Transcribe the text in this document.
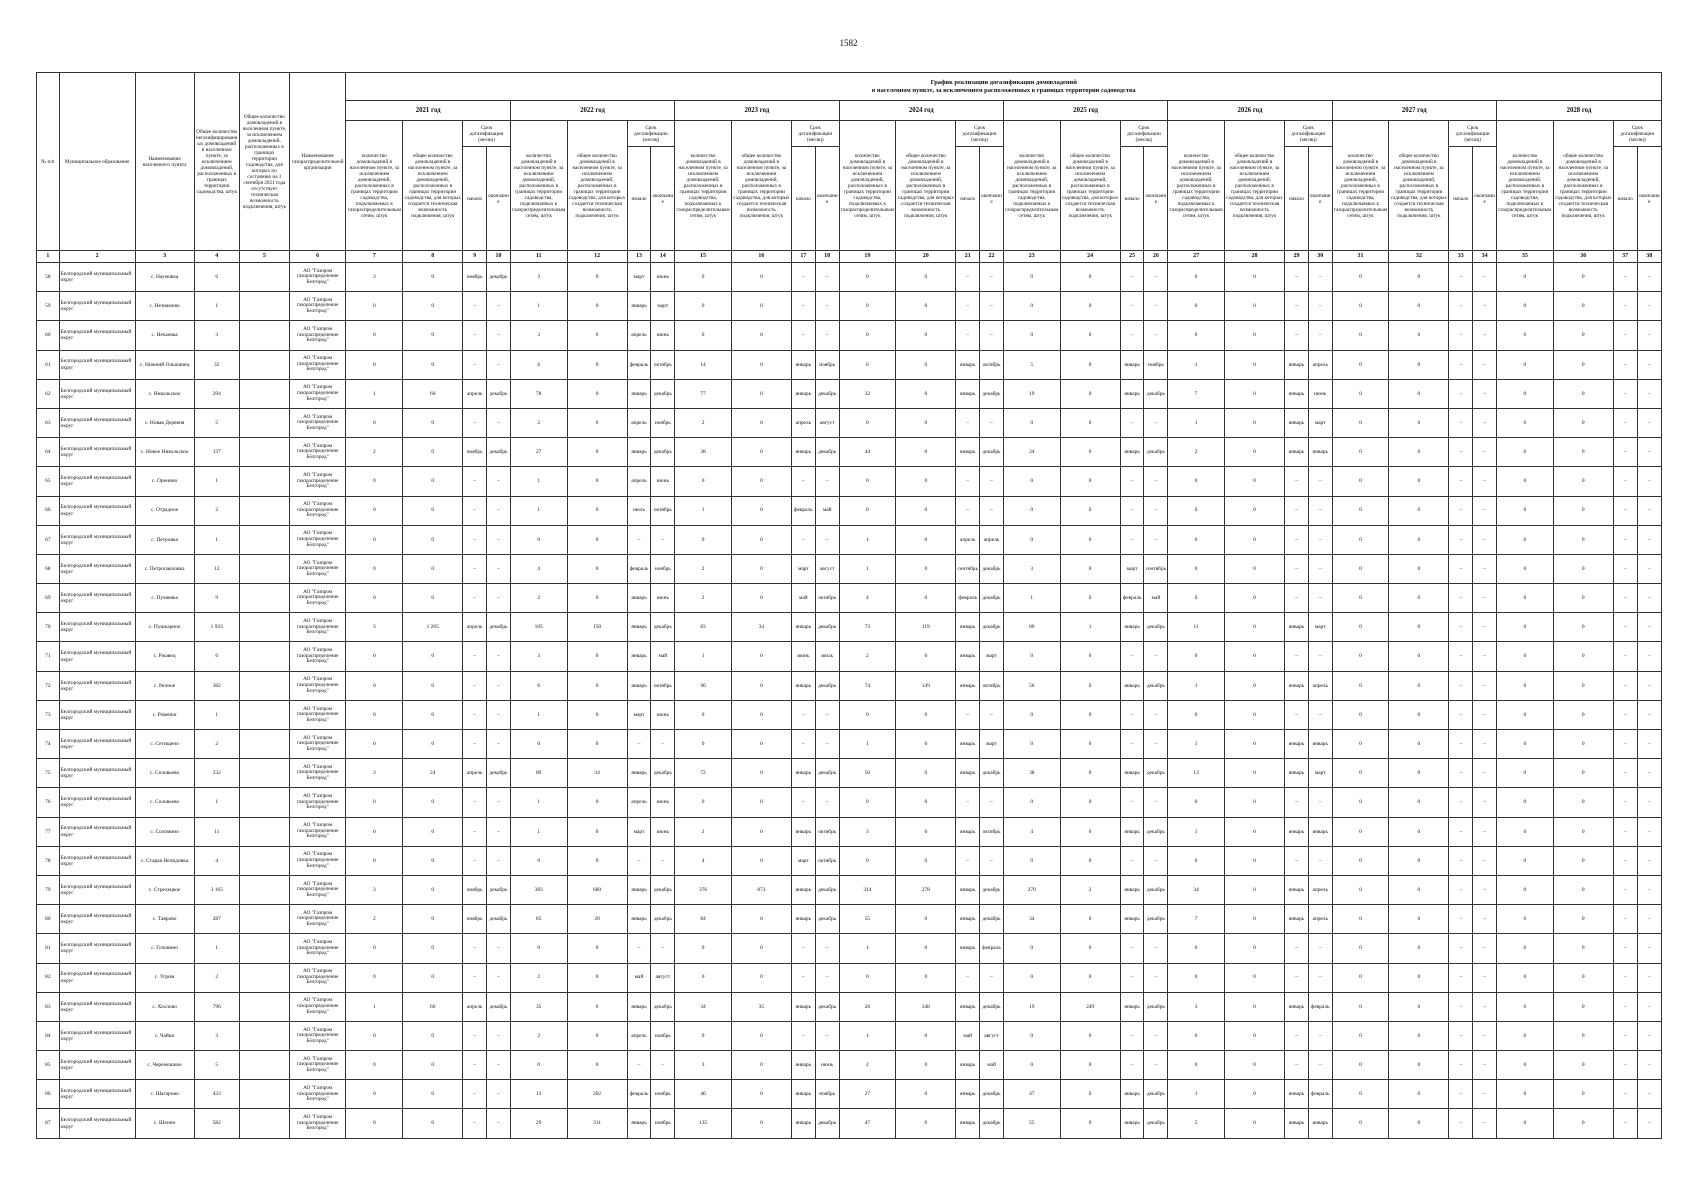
1582
№ п/п	Муниципальное образование	Наименование населенного пункта	Общее количество негазифицированных домовладений в населенном пункте, за исключением домовладений, расположенных в границах территории садоводства, штук	Общее количество домовладений в населенном пункте, за исключением домовладений, расположенных в границах территории садоводства, для которых по состоянию на 1 сентября 2021 года отсутствует техническая возможность подключения, штук	Наименование газораспределительной организации	График реализации догазификации домовладений
в населенном пункте, за исключением расположенных в границах территории садоводства																															

						2021 год				2022 год				2023 год				2024 год				2025 год				2026 год				2027 год				2028 год			
						количество домовладений в населенном пункте, за исключением домовладений, расположенных в границах территории садоводства, подключаемых к газораспределительным сетям, штук	общее количество домовладений в населенном пункте, за исключением домовладений, расположенных в границах территории садоводства, для которых создается техническая возможность подключения, штук	Срок догазификации (месяц)		количество домовладений в населенном пункте, за исключением домовладений, расположенных в границах территории садоводства, подключаемых к газораспределительным сетям, штук	общее количество домовладений в населенном пункте, за исключением домовладений, расположенных в границах территории садоводства, для которых создается техническая возможность подключения, штук	Срок догазификации (месяц)		количество домовладений в населенном пункте, за исключением домовладений, расположенных в границах территории садоводства, подключаемых к газораспределительным сетям, штук	общее количество домовладений в населенном пункте, за исключением домовладений, расположенных в границах территории садоводства, для которых создается техническая возможность подключения, штук	Срок догазификации (месяц)		количество домовладений в населенном пункте, за исключением домовладений, расположенных в границах территории садоводства, подключаемых к газораспределительным сетям, штук	общее количество домовладений в населенном пункте, за исключением домовладений, расположенных в границах территории садоводства, для которых создается техническая возможность подключения, штук	Срок догазификации (месяц)		количество домовладений в населенном пункте, за исключением домовладений, расположенных в границах территории садоводства, подключаемых к газораспределительным сетям, штук	общее количество домовладений в населенном пункте, за исключением домовладений, расположенных в границах территории садоводства, для которых создается техническая возможность подключения, штук	Срок догазификации (месяц)		количество домовладений в населенном пункте, за исключением домовладений, расположенных в границах территории садоводства, подключаемых к газораспределительным сетям, штук	общее количество домовладений в населенном пункте, за исключением домовладений, расположенных в границах территории садоводства, для которых создается техническая возможность подключения, штук	Срок догазификации (месяц)		количество домовладений в населенном пункте, за исключением домовладений, расположенных в границах территории садоводства, подключаемых к газораспределительным сетям, штук	общее количество домовладений в населенном пункте, за исключением домовладений, расположенных в границах территории садоводства, для которых создается техническая возможность подключения, штук	Срок догазификации (месяц)		количество домовладений в населенном пункте, за исключением домовладений, расположенных в границах территории садоводства, подключаемых к газораспределительным сетям, штук	общее количество домовладений в населенном пункте, за исключением домовладений, расположенных в границах территории садоводства, для которых создается техническая возможность подключения, штук	Срок догазификации (месяц)	
								начало	окончание			начало	окончание			начало	окончание			начало	окончание			начало	окончание			начало	окончание			начало	окончание			начало	окончание
1	2	3	4	5	6	7	8	9	10	11	12	13	14	15	16	17	18	19	20	21	22	23	24	25	26	27	28	29	30	31	32	33	34	35	36	37	38
58	Белгородский муниципальный округ	с. Наумовка	6		АО "Газпром газораспределение Белгород"	3	0	ноябрь	декабрь	3	0	март	июнь	0	0	–	–	0	0	–	–	0	0	–	–	0	0	–	–	0	0	–	–	0	0	–	–
59	Белгородский муниципальный округ	с. Незнамово	1		АО "Газпром газораспределение Белгород"	0	0	–	–	1	0	январь	март	0	0	–	–	0	0	–	–	0	0	–	–	0	0	–	–	0	0	–	–	0	0	–	–
60	Белгородский муниципальный округ	с. Нечаевка	3		АО "Газпром газораспределение Белгород"	0	0	–	–	3	0	апрель	июнь	0	0	–	–	0	0	–	–	0	0	–	–	0	0	–	–	0	0	–	–	0	0	–	–
61	Белгородский муниципальный округ	с. Нижний Ольшанец	32		АО "Газпром газораспределение Белгород"	0	0	–	–	6	0	февраль	октябрь	14	0	январь	ноябрь	6	0	январь	октябрь	5	0	январь	ноябрь	1	0	январь	апрель	0	0	–	–	0	0	–	–
62	Белгородский муниципальный округ	с. Никольское	294		АО "Газпром газораспределение Белгород"	1	60	апрель	декабрь	78	0	январь	декабрь	77	0	январь	декабрь	32	0	январь	декабрь	19	0	январь	декабрь	7	0	январь	июнь	0	0	–	–	0	0	–	–
63	Белгородский муниципальный округ	с. Новая Деревня	5		АО "Газпром газораспределение Белгород"	0	0	–	–	2	0	апрель	ноябрь	2	0	апрель	август	0	0	–	–	0	0	–	–	1	0	январь	март	0	0	–	–	0	0	–	–
64	Белгородский муниципальный округ	с. Новое Никольское	137		АО "Газпром газораспределение Белгород"	2	0	ноябрь	декабрь	27	0	январь	декабрь	38	0	январь	декабрь	44	0	январь	декабрь	24	0	январь	декабрь	2	0	январь	январь	0	0	–	–	0	0	–	–
65	Белгородский муниципальный округ	с. Оренино	1		АО "Газпром газораспределение Белгород"	0	0	–	–	1	0	апрель	июнь	0	0	–	–	0	0	–	–	0	0	–	–	0	0	–	–	0	0	–	–	0	0	–	–
66	Белгородский муниципальный округ	с. Отрадное	2		АО "Газпром газораспределение Белгород"	0	0	–	–	1	0	июль	октябрь	1	0	февраль	май	0	0	–	–	0	0	–	–	0	0	–	–	0	0	–	–	0	0	–	–
67	Белгородский муниципальный округ	с. Петровка	1		АО "Газпром газораспределение Белгород"	0	0	–	–	0	0	–	–	0	0	–	–	1	0	апрель	апрель	0	0	–	–	0	0	–	–	0	0	–	–	0	0	–	–
68	Белгородский муниципальный округ	с. Петропавловка	12		АО "Газпром газораспределение Белгород"	0	0	–	–	4	0	февраль	ноябрь	2	0	март	август	1	0	сентябрь	декабрь	3	0	март	сентябрь	0	0	–	–	0	0	–	–	0	0	–	–
69	Белгородский муниципальный округ	с. Пуляевка	9		АО "Газпром газораспределение Белгород"	0	0	–	–	2	0	январь	июнь	2	0	май	октябрь	4	0	февраль	декабрь	1	0	февраль	май	0	0	–	–	0	0	–	–	0	0	–	–
70	Белгородский муниципальный округ	с. Пушкарное	1 933		АО "Газпром газораспределение Белгород"	3	1 265	апрель	декабрь	105	150	январь	декабрь	83	34	январь	декабрь	73	119	январь	декабрь	80	1	январь	декабрь	11	0	январь	март	0	0	–	–	0	0	–	–
71	Белгородский муниципальный округ	с. Ржавец	6		АО "Газпром газораспределение Белгород"	0	0	–	–	3	0	январь	май	1	0	июнь	июль	2	0	январь	март	0	0	–	–	0	0	–	–	0	0	–	–	0	0	–	–
72	Белгородский муниципальный округ	с. Репное	382		АО "Газпром газораспределение Белгород"	0	0	–	–	6	0	январь	октябрь	96	0	январь	декабрь	74	149	январь	октябрь	56	0	январь	декабрь	1	0	январь	апрель	0	0	–	–	0	0	–	–
73	Белгородский муниципальный округ	с. Ровенки	1		АО "Газпром газораспределение Белгород"	0	0	–	–	1	0	март	июнь	0	0	–	–	0	0	–	–	0	0	–	–	0	0	–	–	0	0	–	–	0	0	–	–
74	Белгородский муниципальный округ	с. Сетищено	2		АО "Газпром газораспределение Белгород"	0	0	–	–	0	0	–	–	0	0	–	–	1	0	январь	март	0	0	–	–	1	0	январь	январь	0	0	–	–	0	0	–	–
75	Белгородский муниципальный округ	с. Соловьево	332		АО "Газпром газораспределение Белгород"	3	24	апрель	декабрь	89	34	январь	декабрь	72	0	январь	декабрь	50	0	январь	декабрь	38	0	январь	декабрь	13	0	январь	март	0	0	–	–	0	0	–	–
76	Белгородский муниципальный округ	с. Соловьево	1		АО "Газпром газораспределение Белгород"	0	0	–	–	1	0	апрель	июнь	0	0	–	–	0	0	–	–	0	0	–	–	0	0	–	–	0	0	–	–	0	0	–	–
77	Белгородский муниципальный округ	с. Соломино	11		АО "Газпром газораспределение Белгород"	0	0	–	–	1	0	март	июнь	2	0	январь	октябрь	3	0	январь	октябрь	4	0	январь	декабрь	1	0	январь	январь	0	0	–	–	0	0	–	–
78	Белгородский муниципальный округ	с. Старая Нелидовка	4		АО "Газпром газораспределение Белгород"	0	0	–	–	0	0	–	–	4	0	март	октябрь	0	0	–	–	0	0	–	–	0	0	–	–	0	0	–	–	0	0	–	–
79	Белгородский муниципальный округ	с. Стрелецкое	3 165		АО "Газпром газораспределение Белгород"	3	0	ноябрь	декабрь	383	680	январь	декабрь	376	873	январь	декабрь	314	278	январь	декабрь	270	2	январь	декабрь	34	0	январь	апрель	0	0	–	–	0	0	–	–
80	Белгородский муниципальный округ	с. Таврово	287		АО "Газпром газораспределение Белгород"	2	0	ноябрь	декабрь	85	20	январь	декабрь	84	0	январь	декабрь	55	0	январь	декабрь	34	0	январь	декабрь	7	0	январь	апрель	0	0	–	–	0	0	–	–
81	Белгородский муниципальный округ	с. Головино	1		АО "Газпром газораспределение Белгород"	0	0	–	–	0	0	–	–	0	0	–	–	1	0	январь	февраль	0	0	–	–	0	0	–	–	0	0	–	–	0	0	–	–
82	Белгородский муниципальный округ	с. Угрим	2		АО "Газпром газораспределение Белгород"	0	0	–	–	2	0	май	август	0	0	–	–	0	0	–	–	0	0	–	–	0	0	–	–	0	0	–	–	0	0	–	–
83	Белгородский муниципальный округ	с. Хохлово	796		АО "Газпром газораспределение Белгород"	1	66	апрель	декабрь	35	0	январь	декабрь	34	35	январь	декабрь	26	348	январь	декабрь	19	249	январь	декабрь	3	0	январь	февраль	0	0	–	–	0	0	–	–
84	Белгородский муниципальный округ	с. Чайки	3		АО "Газпром газораспределение Белгород"	0	0	–	–	2	0	апрель	ноябрь	0	0	–	–	1	0	май	август	0	0	–	–	0	0	–	–	0	0	–	–	0	0	–	–
85	Белгородский муниципальный округ	с. Черемошное	5		АО "Газпром газораспределение Белгород"	0	0	–	–	0	0	–	–	3	0	январь	июнь	2	0	январь	май	0	0	–	–	0	0	–	–	0	0	–	–	0	0	–	–
86	Белгородский муниципальный округ	с. Шагарово	433		АО "Газпром газораспределение Белгород"	0	0	–	–	12	202	февраль	ноябрь	46	0	январь	ноябрь	27	0	январь	декабрь	47	0	январь	декабрь	1	0	январь	февраль	0	0	–	–	0	0	–	–
87	Белгородский муниципальный округ	с. Шеино	582		АО "Газпром газораспределение Белгород"	0	0	–	–	29	311	январь	ноябрь	135	0	январь	декабрь	47	6	январь	декабрь	55	0	январь	декабрь	5	0	январь	январь	0	0	–	–	0	0	–	–
